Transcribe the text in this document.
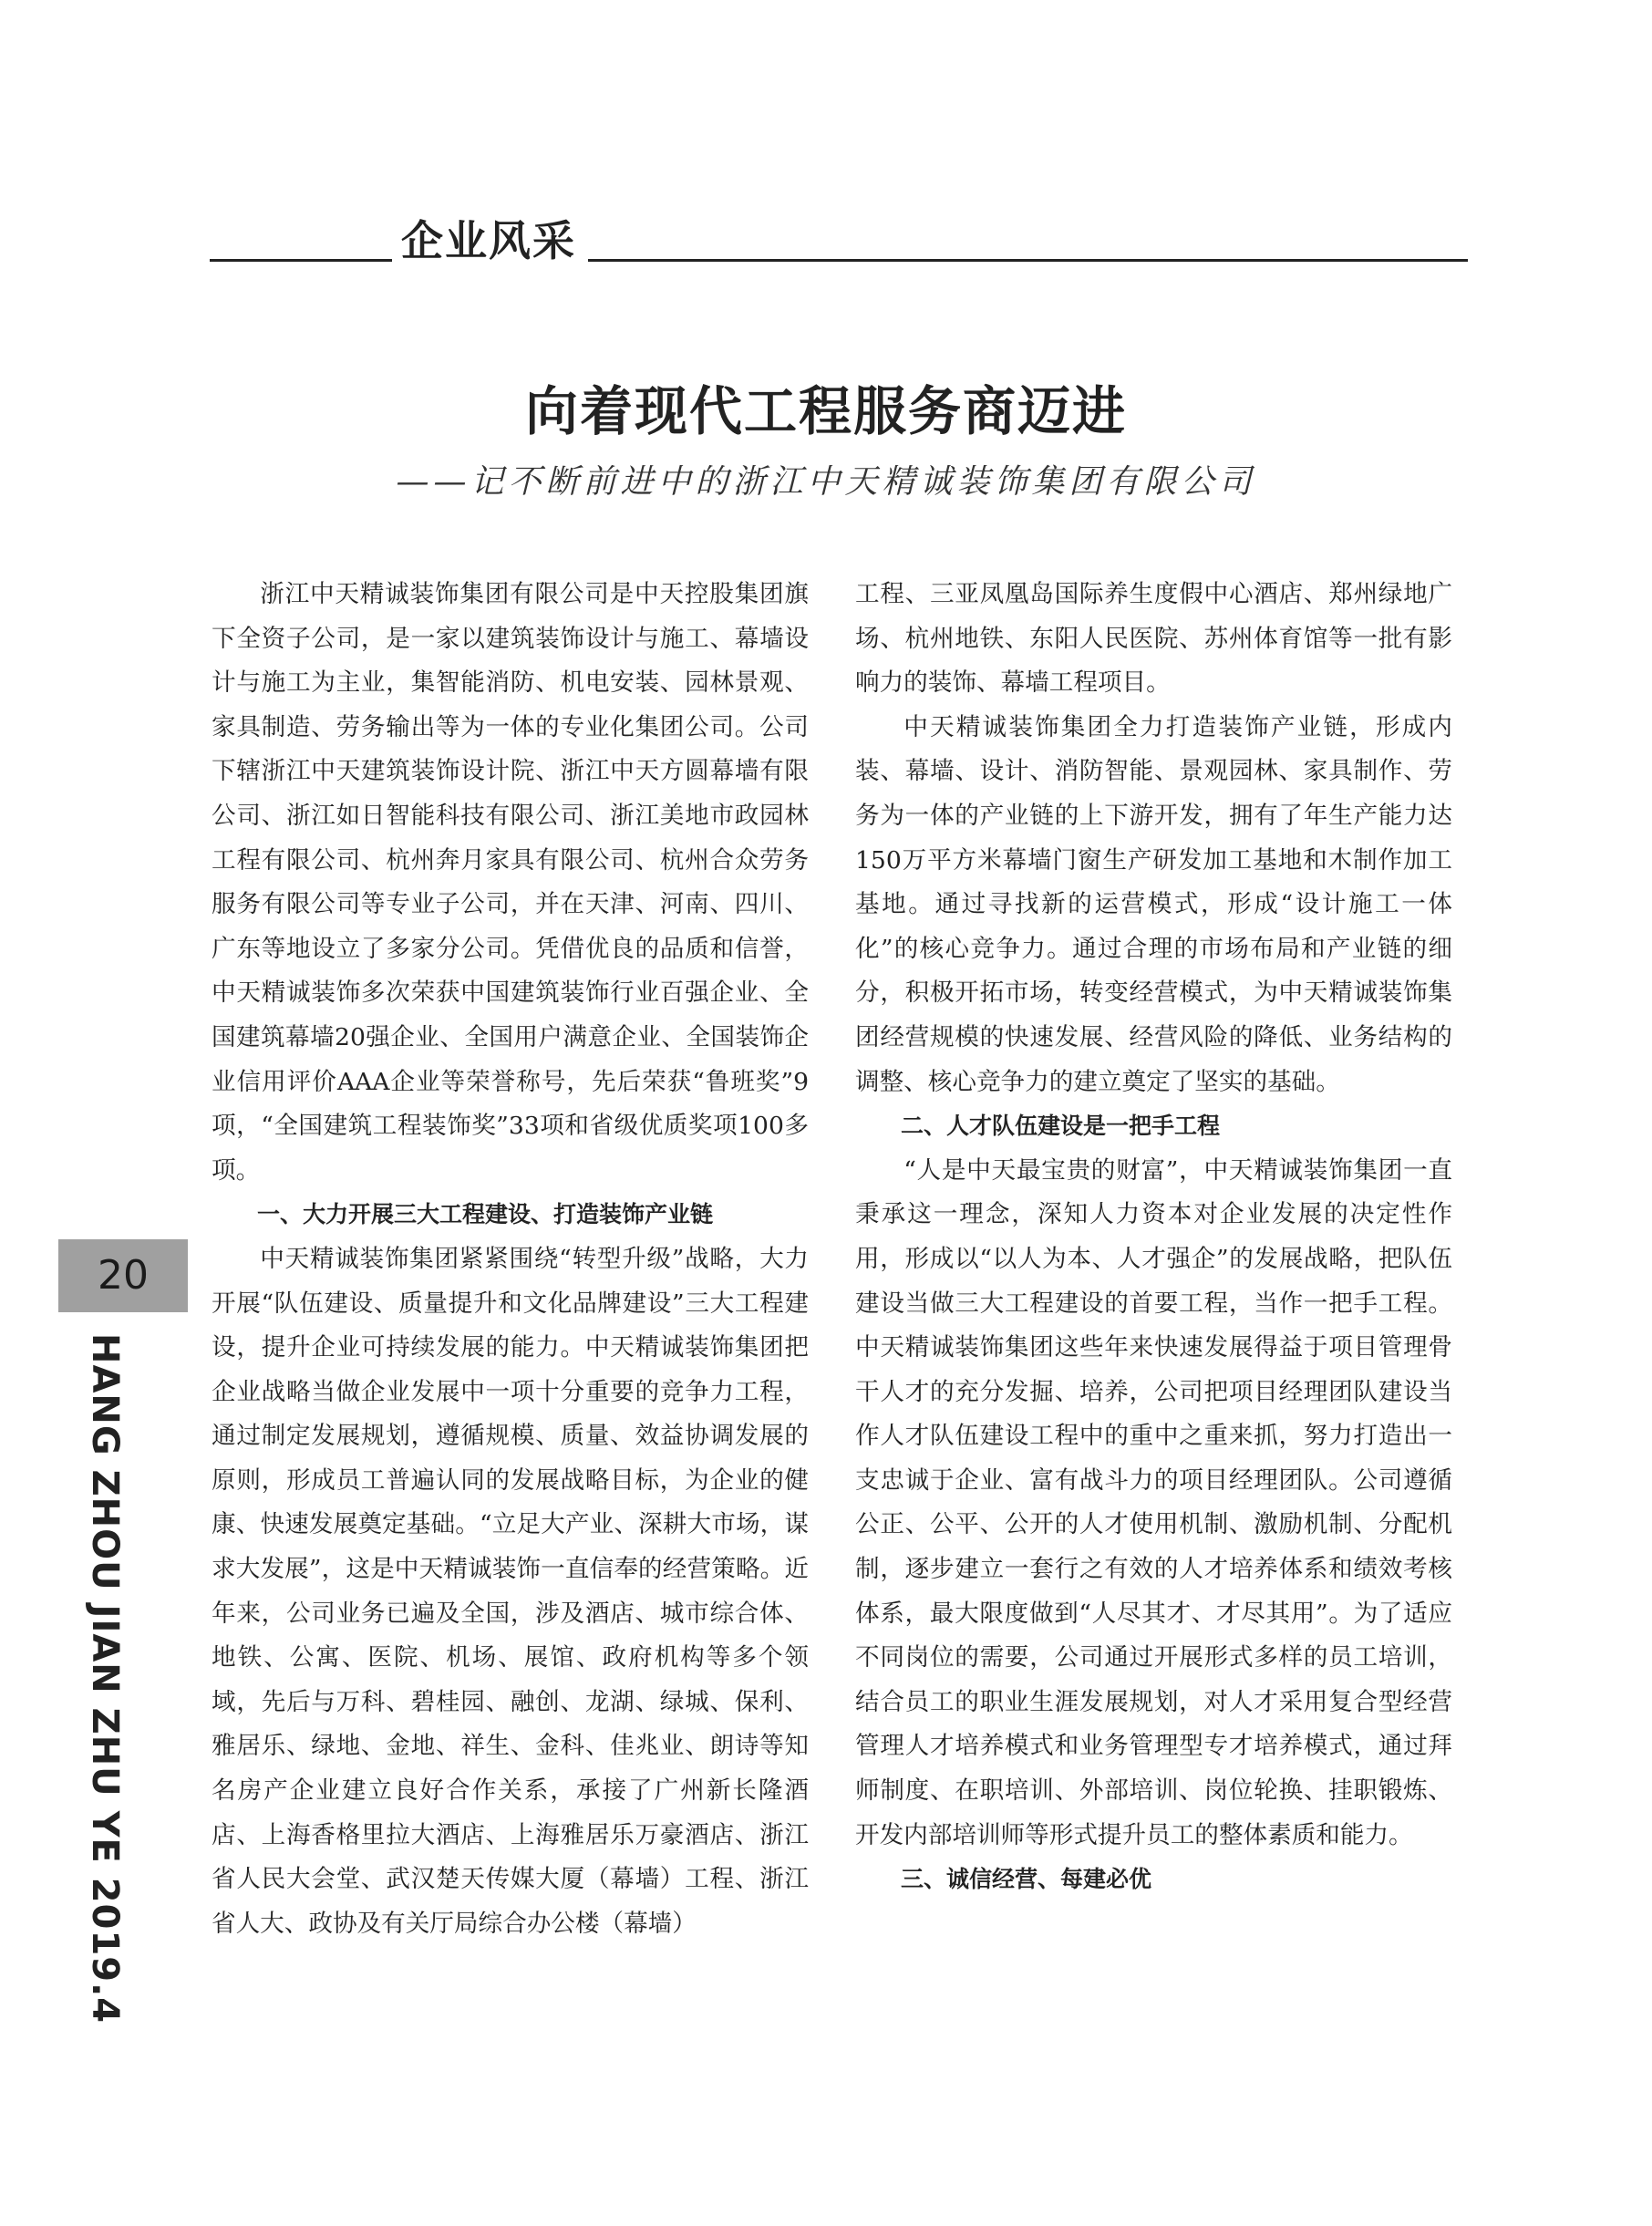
企业风采
向着现代工程服务商迈进
——记不断前进中的浙江中天精诚装饰集团有限公司

浙江中天精诚装饰集团有限公司是中天控股集团旗下全资子公司，是一家以建筑装饰设计与施工、幕墙设计与施工为主业，集智能消防、机电安装、园林景观、家具制造、劳务输出等为一体的专业化集团公司。公司下辖浙江中天建筑装饰设计院、浙江中天方圆幕墙有限公司、浙江如日智能科技有限公司、浙江美地市政园林工程有限公司、杭州奔月家具有限公司、杭州合众劳务服务有限公司等专业子公司，并在天津、河南、四川、广东等地设立了多家分公司。凭借优良的品质和信誉，中天精诚装饰多次荣获中国建筑装饰行业百强企业、全国建筑幕墙20强企业、全国用户满意企业、全国装饰企业信用评价AAA企业等荣誉称号，先后荣获“鲁班奖”9项，“全国建筑工程装饰奖”33项和省级优质奖项100多项。

一、大力开展三大工程建设、打造装饰产业链

中天精诚装饰集团紧紧围绕“转型升级”战略，大力开展“队伍建设、质量提升和文化品牌建设”三大工程建设，提升企业可持续发展的能力。中天精诚装饰集团把企业战略当做企业发展中一项十分重要的竞争力工程，通过制定发展规划，遵循规模、质量、效益协调发展的原则，形成员工普遍认同的发展战略目标，为企业的健康、快速发展奠定基础。“立足大产业、深耕大市场，谋求大发展”，这是中天精诚装饰一直信奉的经营策略。近年来，公司业务已遍及全国，涉及酒店、城市综合体、地铁、公寓、医院、机场、展馆、政府机构等多个领域，先后与万科、碧桂园、融创、龙湖、绿城、保利、雅居乐、绿地、金地、祥生、金科、佳兆业、朗诗等知名房产企业建立良好合作关系，承接了广州新长隆酒店、上海香格里拉大酒店、上海雅居乐万豪酒店、浙江省人民大会堂、武汉楚天传媒大厦（幕墙）工程、浙江省人大、政协及有关厅局综合办公楼（幕墙）

工程、三亚凤凰岛国际养生度假中心酒店、郑州绿地广场、杭州地铁、东阳人民医院、苏州体育馆等一批有影响力的装饰、幕墙工程项目。

中天精诚装饰集团全力打造装饰产业链，形成内装、幕墙、设计、消防智能、景观园林、家具制作、劳务为一体的产业链的上下游开发，拥有了年生产能力达150万平方米幕墙门窗生产研发加工基地和木制作加工基地。通过寻找新的运营模式，形成“设计施工一体化”的核心竞争力。通过合理的市场布局和产业链的细分，积极开拓市场，转变经营模式，为中天精诚装饰集团经营规模的快速发展、经营风险的降低、业务结构的调整、核心竞争力的建立奠定了坚实的基础。

二、人才队伍建设是一把手工程

“人是中天最宝贵的财富”，中天精诚装饰集团一直秉承这一理念，深知人力资本对企业发展的决定性作用，形成以“以人为本、人才强企”的发展战略，把队伍建设当做三大工程建设的首要工程，当作一把手工程。中天精诚装饰集团这些年来快速发展得益于项目管理骨干人才的充分发掘、培养，公司把项目经理团队建设当作人才队伍建设工程中的重中之重来抓，努力打造出一支忠诚于企业、富有战斗力的项目经理团队。公司遵循公正、公平、公开的人才使用机制、激励机制、分配机制，逐步建立一套行之有效的人才培养体系和绩效考核体系，最大限度做到“人尽其才、才尽其用”。为了适应不同岗位的需要，公司通过开展形式多样的员工培训，结合员工的职业生涯发展规划，对人才采用复合型经营管理人才培养模式和业务管理型专才培养模式，通过拜师制度、在职培训、外部培训、岗位轮换、挂职锻炼、开发内部培训师等形式提升员工的整体素质和能力。

三、诚信经营、每建必优
20
HANG ZHOU JIAN ZHU YE 2019.4
